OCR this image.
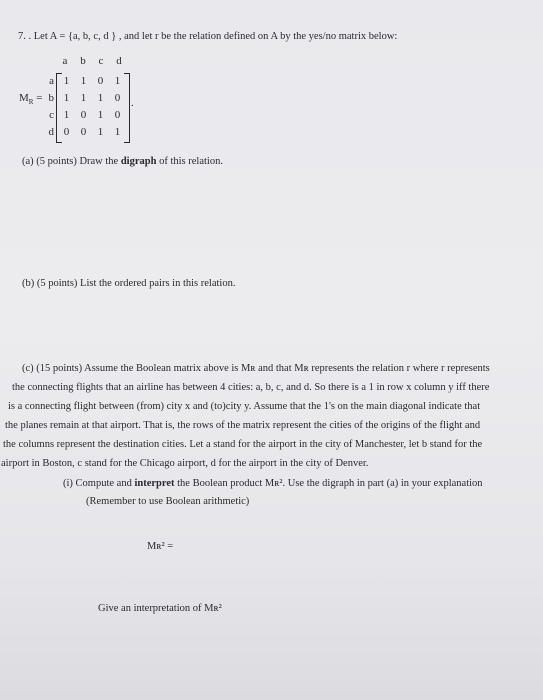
7. . Let A = {a, b, c, d } , and let r be the relation defined on A by the yes/no matrix below:
a b c d
$M_R$ =
a
b
c
d
1 1 0 1
1 1 1 0
1 0 1 0
0 0 1 1
.
(a) (5 points) Draw the digraph of this relation.
(b) (5 points) List the ordered pairs in this relation.
(c) (15 points) Assume the Boolean matrix above is Mʀ and that Mʀ represents the relation r where r represents
the connecting flights that an airline has between 4 cities: a, b, c, and d. So there is a 1 in row x column y iff there
is a connecting flight between (from) city x and (to)city y. Assume that the 1's on the main diagonal indicate that
the planes remain at that airport. That is, the rows of the matrix represent the cities of the origins of the flight and
the columns represent the destination cities. Let a stand for the airport in the city of Manchester, let b stand for the
airport in Boston, c stand for the Chicago airport, d for the airport in the city of Denver.
(i) Compute and interpret the Boolean product Mʀ². Use the digraph in part (a) in your explanation
(Remember to use Boolean arithmetic)
Mʀ² =
Give an interpretation of Mʀ²
